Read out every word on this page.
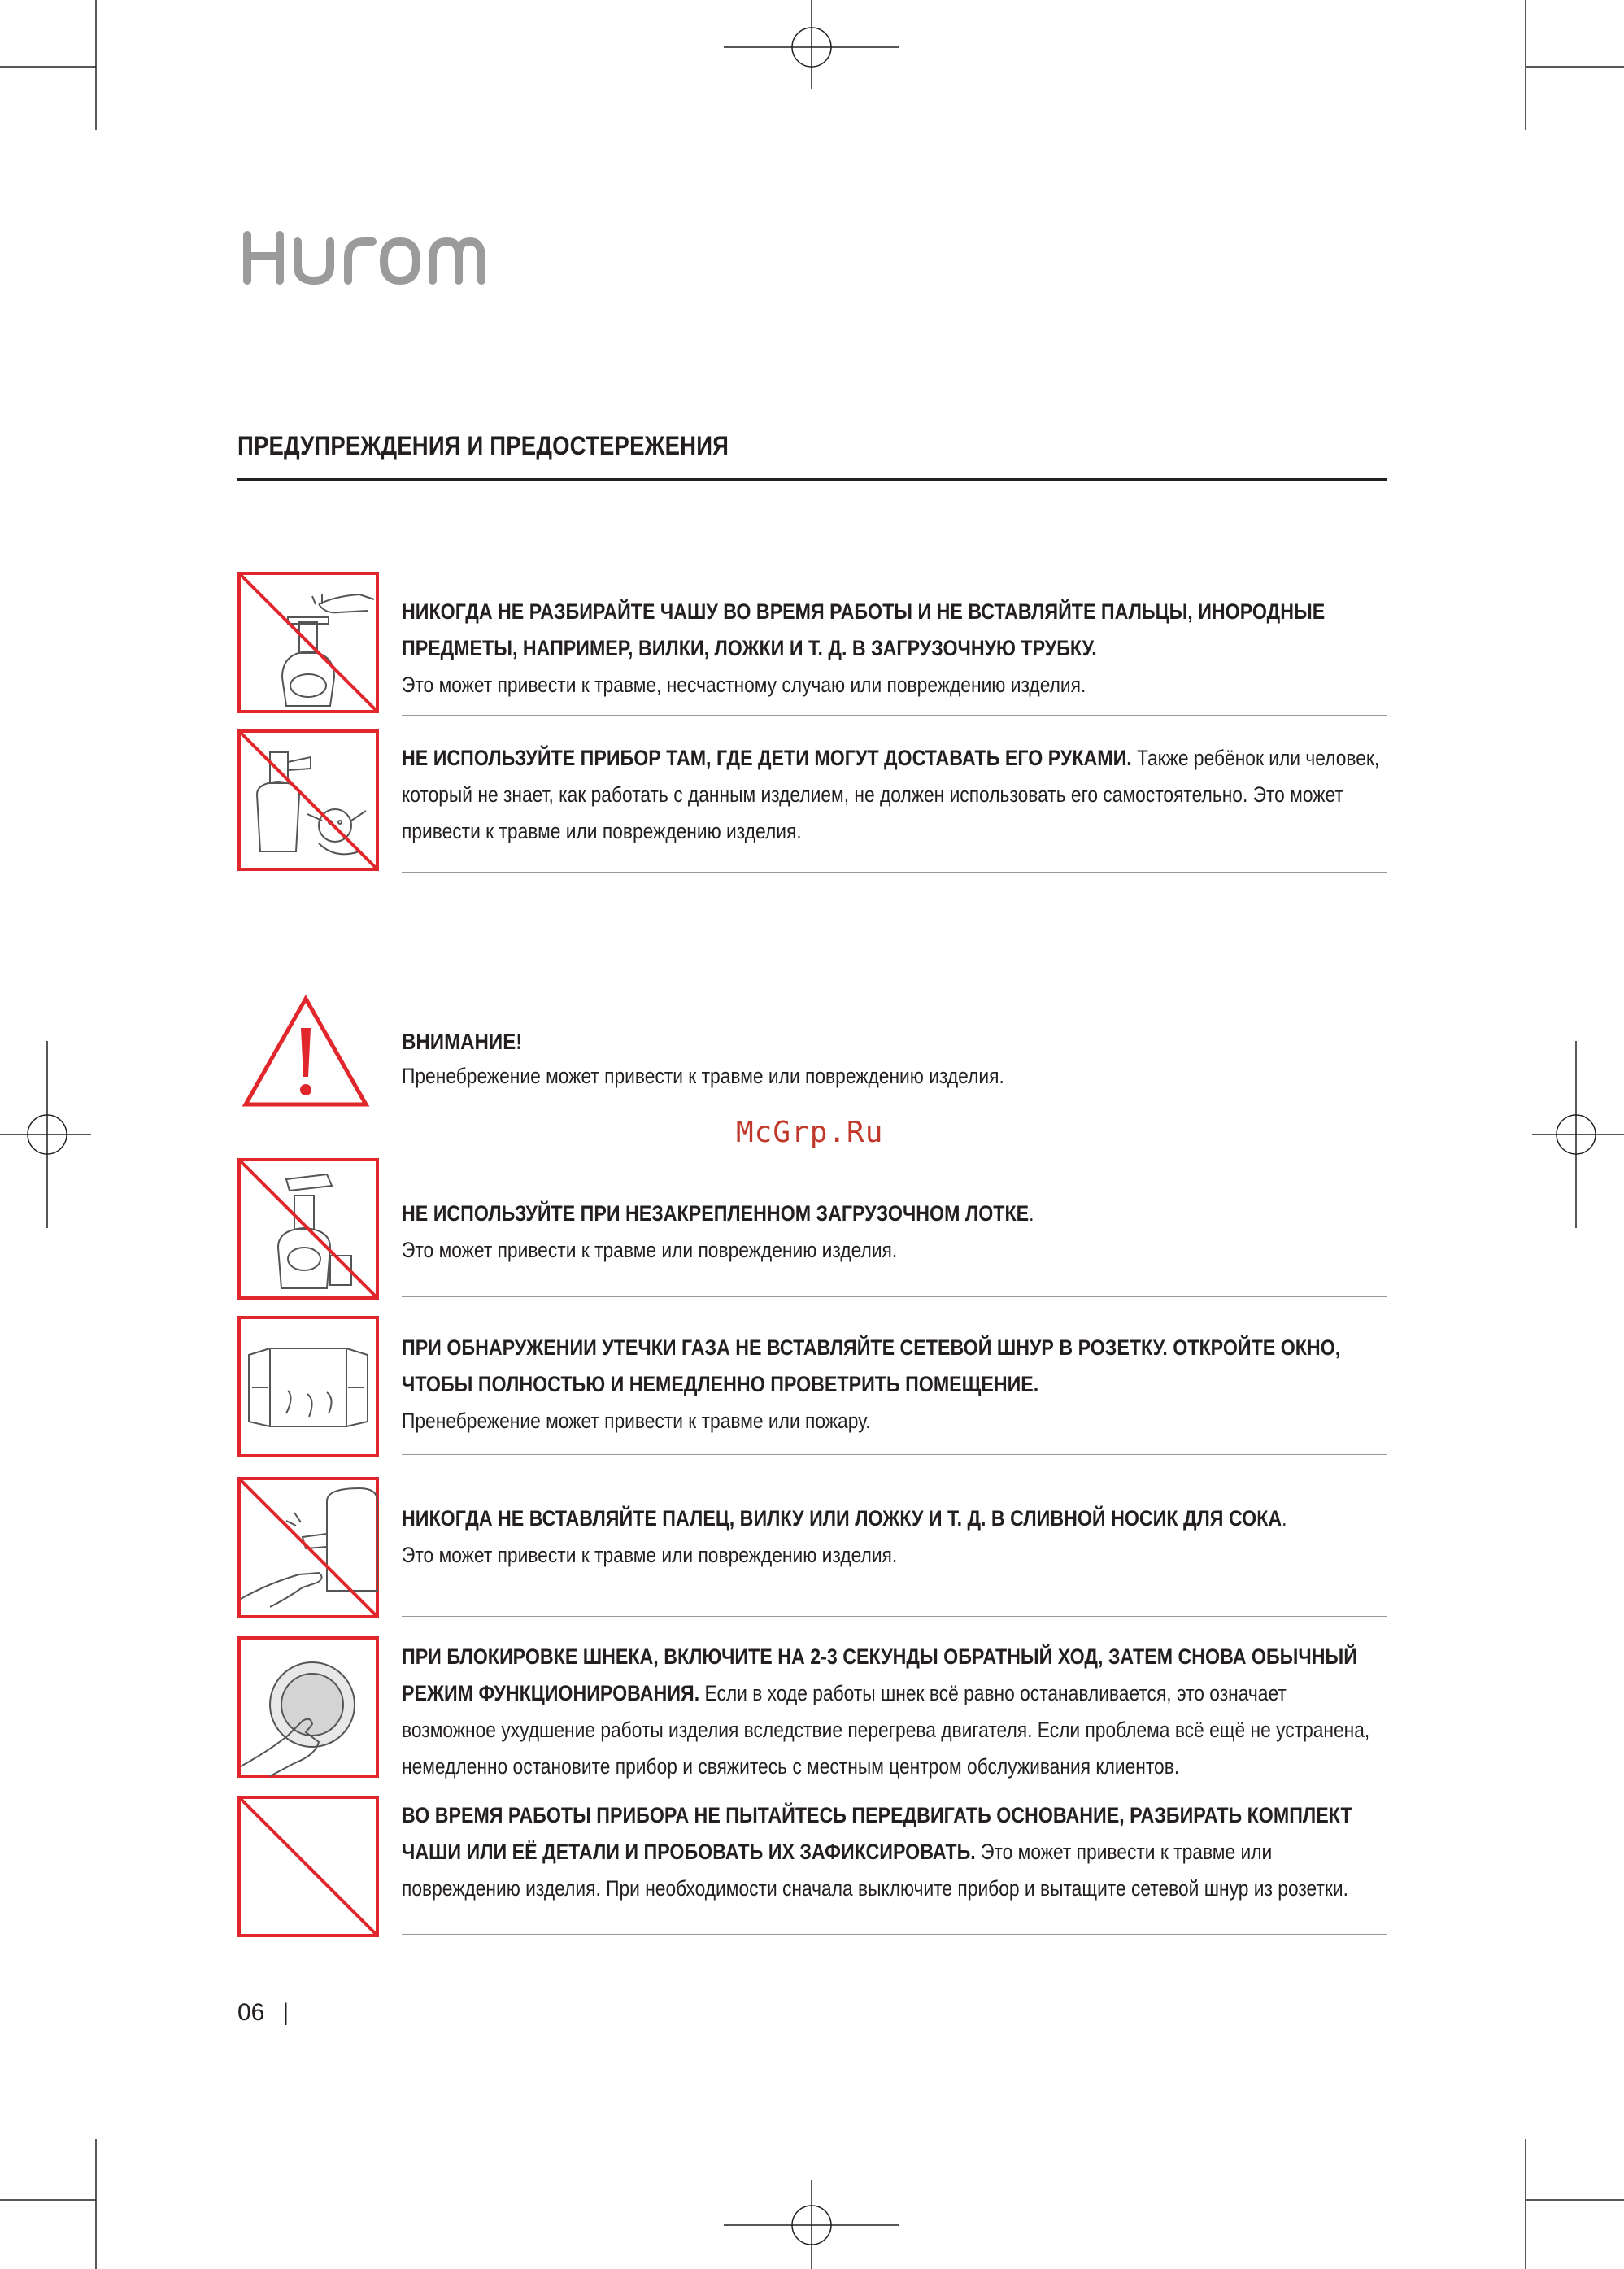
ПРЕДУПРЕЖДЕНИЯ И ПРЕДОСТЕРЕЖЕНИЯ
НИКОГДА НЕ РАЗБИРАЙТЕ ЧАШУ ВО ВРЕМЯ РАБОТЫ И НЕ ВСТАВЛЯЙТЕ ПАЛЬЦЫ, ИНОРОДНЫЕ ПРЕДМЕТЫ, НАПРИМЕР, ВИЛКИ, ЛОЖКИ И Т. Д. В ЗАГРУЗОЧНУЮ ТРУБКУ.
Это может привести к травме, несчастному случаю или повреждению изделия.
НЕ ИСПОЛЬЗУЙТЕ ПРИБОР ТАМ, ГДЕ ДЕТИ МОГУТ ДОСТАВАТЬ ЕГО РУКАМИ. Также ребёнок или человек, который не знает, как работать с данным изделием, не должен использовать его самостоятельно. Это может привести к травме или повреждению изделия.
ВНИМАНИЕ!
Пренебрежение может привести к травме или повреждению изделия.
McGrp.Ru
НЕ ИСПОЛЬЗУЙТЕ ПРИ НЕЗАКРЕПЛЕННОМ ЗАГРУЗОЧНОМ ЛОТКЕ.
Это может привести к травме или повреждению изделия.
ПРИ ОБНАРУЖЕНИИ УТЕЧКИ ГАЗА НЕ ВСТАВЛЯЙТЕ СЕТЕВОЙ ШНУР В РОЗЕТКУ. ОТКРОЙТЕ ОКНО, ЧТОБЫ ПОЛНОСТЬЮ И НЕМЕДЛЕННО ПРОВЕТРИТЬ ПОМЕЩЕНИЕ.
Пренебрежение может привести к травме или пожару.
НИКОГДА НЕ ВСТАВЛЯЙТЕ ПАЛЕЦ, ВИЛКУ ИЛИ ЛОЖКУ И Т. Д. В СЛИВНОЙ НОСИК ДЛЯ СОКА.
Это может привести к травме или повреждению изделия.
ПРИ БЛОКИРОВКЕ ШНЕКА, ВКЛЮЧИТЕ НА 2-3 СЕКУНДЫ ОБРАТНЫЙ ХОД, ЗАТЕМ СНОВА ОБЫЧНЫЙ РЕЖИМ ФУНКЦИОНИРОВАНИЯ. Если в ходе работы шнек всё равно останавливается, это означает возможное ухудшение работы изделия вследствие перегрева двигателя. Если проблема всё ещё не устранена, немедленно остановите прибор и свяжитесь с местным центром обслуживания клиентов.
ВО ВРЕМЯ РАБОТЫ ПРИБОРА НЕ ПЫТАЙТЕСЬ ПЕРЕДВИГАТЬ ОСНОВАНИЕ, РАЗБИРАТЬ КОМПЛЕКТ ЧАШИ ИЛИ ЕЁ ДЕТАЛИ И ПРОБОВАТЬ ИХ ЗАФИКСИРОВАТЬ. Это может привести к травме или повреждению изделия. При необходимости сначала выключите прибор и вытащите сетевой шнур из розетки.
06 |
